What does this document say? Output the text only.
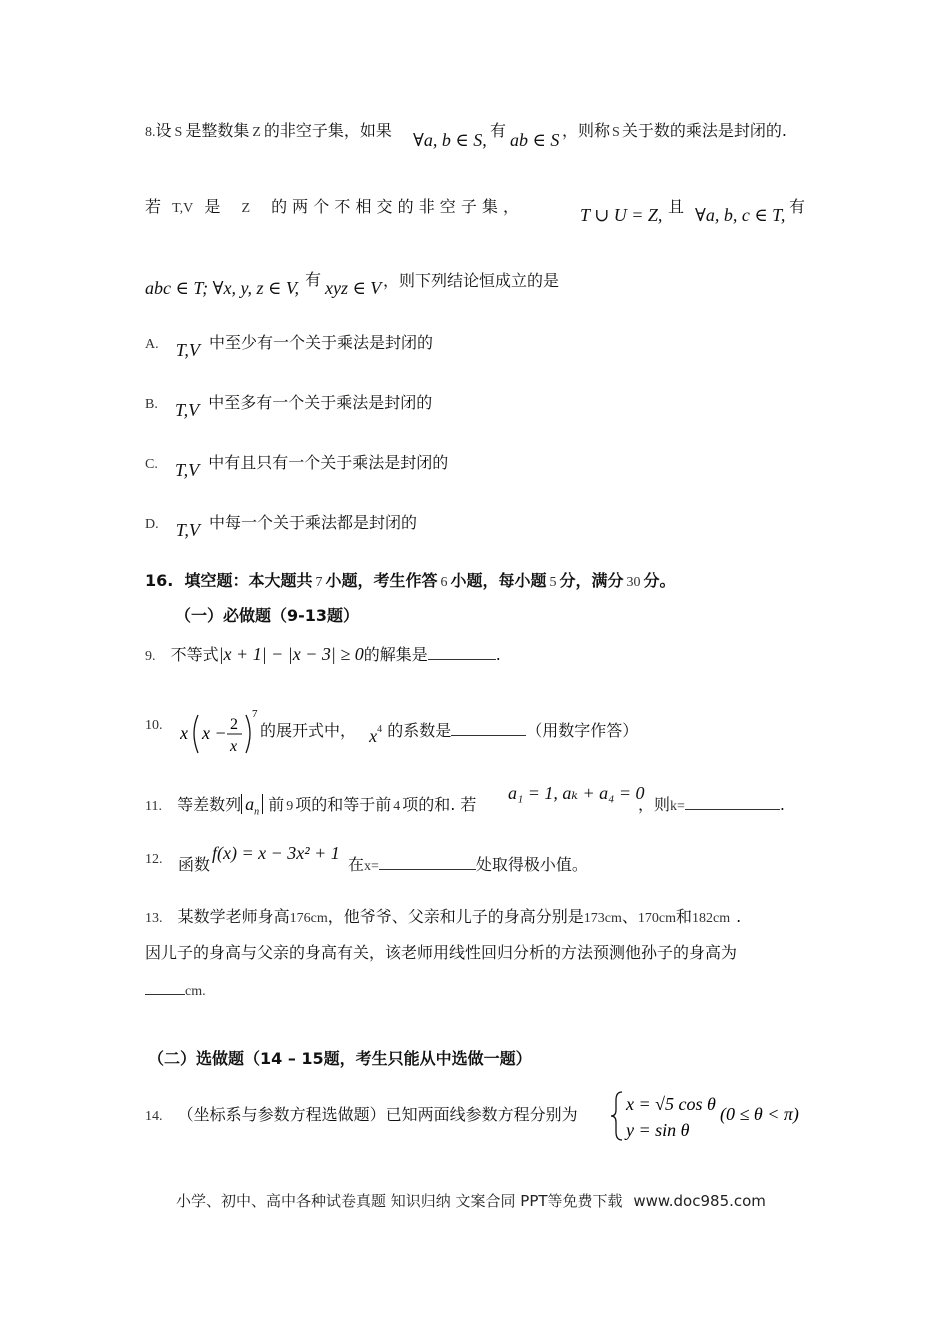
8.设 S 是整数集 Z 的非空子集，如果 ∀a, b ∈ S, 有 ab ∈ S ，则称 S 关于数的乘法是封闭的.
若 T,V 是 Z 的 两 个 不 相 交 的 非 空 子 集 ，	T ∪ U = Z, 且 ∀a, b, c ∈ T, 有
abc ∈ T; ∀x, y, z ∈ V, 有 xyz ∈ V ，则下列结论恒成立的是
A. T,V 中至少有一个关于乘法是封闭的
B. T,V 中至多有一个关于乘法是封闭的
C. T,V 中有且只有一个关于乘法是封闭的
D. T,V 中每一个关于乘法都是封闭的
16. 填空题：本大题共 7 小题，考生作答 6 小题，每小题 5 分，满分 30 分。
（一）必做题（9-13题）
9. 不等式|x + 1| − |x − 3| ≥ 0的解集是	.
10. x x − 2
x
7
的展开式中， $x^4$ 的系数是	（用数字作答）
11. 等差数列 $a_n$ 前 9 项的和等于前 4 项的和. 若
a₁ = 1, aₖ + a₄ = 0
，则k=	.
12. 函数
f(x) = x − 3x² + 1
在x=	处取得极小值。
13. 某数学老师身高176cm，他爷爷、父亲和儿子的身高分别是173cm、170cm和182cm .
因儿子的身高与父亲的身高有关，该老师用线性回归分析的方法预测他孙子的身高为
cm.
（二）选做题（14 – 15题，考生只能从中选做一题）
14. （坐标系与参数方程选做题）已知两面线参数方程分别为
x = √5 cos θ
y = sin θ
(0 ≤ θ < π)
小学、初中、高中各种试卷真题 知识归纳 文案合同 PPT等免费下载 www.doc985.com
